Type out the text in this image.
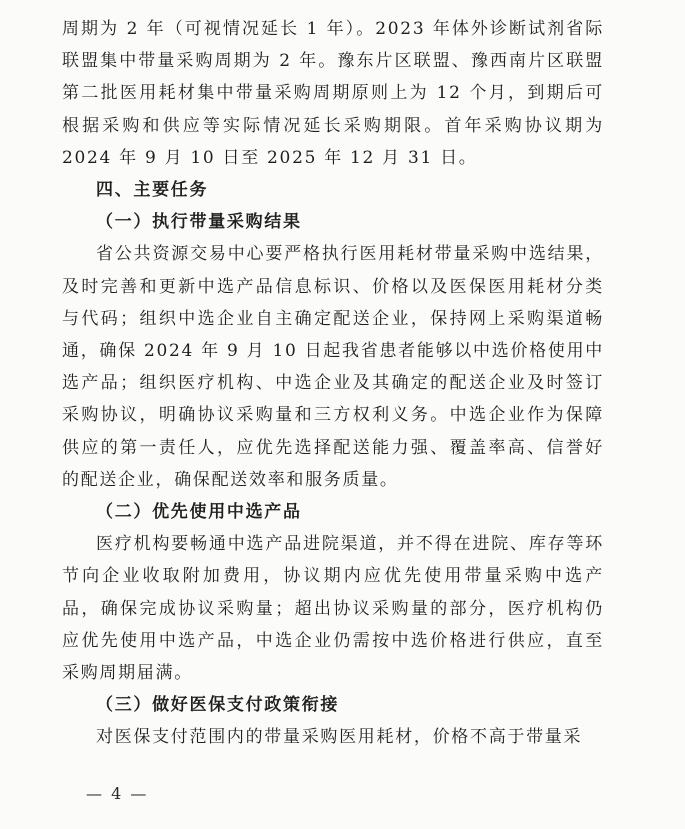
周期为 2 年（可视情况延长 1 年）。2023 年体外诊断试剂省际联盟集中带量采购周期为 2 年。豫东片区联盟、豫西南片区联盟第二批医用耗材集中带量采购周期原则上为 12 个月，到期后可根据采购和供应等实际情况延长采购期限。首年采购协议期为 2024 年 9 月 10 日至 2025 年 12 月 31 日。

四、主要任务

（一）执行带量采购结果

省公共资源交易中心要严格执行医用耗材带量采购中选结果，及时完善和更新中选产品信息标识、价格以及医保医用耗材分类与代码；组织中选企业自主确定配送企业，保持网上采购渠道畅通，确保 2024 年 9 月 10 日起我省患者能够以中选价格使用中选产品；组织医疗机构、中选企业及其确定的配送企业及时签订采购协议，明确协议采购量和三方权利义务。中选企业作为保障供应的第一责任人，应优先选择配送能力强、覆盖率高、信誉好的配送企业，确保配送效率和服务质量。

（二）优先使用中选产品

医疗机构要畅通中选产品进院渠道，并不得在进院、库存等环节向企业收取附加费用，协议期内应优先使用带量采购中选产品，确保完成协议采购量；超出协议采购量的部分，医疗机构仍应优先使用中选产品，中选企业仍需按中选价格进行供应，直至采购周期届满。

（三）做好医保支付政策衔接

对医保支付范围内的带量采购医用耗材，价格不高于带量采

— 4 —
